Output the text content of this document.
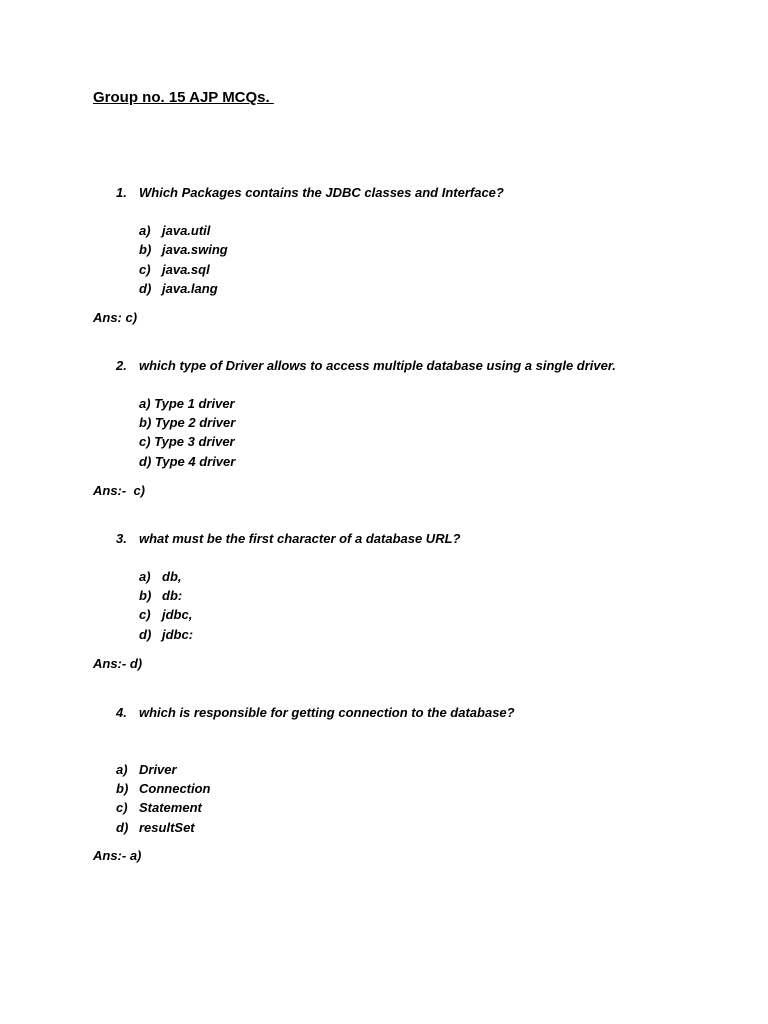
Group no. 15 AJP MCQs.
1. Which Packages contains the JDBC classes and Interface?
a) java.util
b) java.swing
c) java.sql
d) java.lang
Ans: c)
2. which type of Driver allows to access multiple database using a single driver.
a) Type 1 driver
b) Type 2 driver
c) Type 3 driver
d) Type 4 driver
Ans:-  c)
3. what must be the first character of a database URL?
a) db,
b) db:
c) jdbc,
d) jdbc:
Ans:- d)
4. which is responsible for getting connection to the database?
a) Driver
b) Connection
c) Statement
d) resultSet
Ans:- a)
